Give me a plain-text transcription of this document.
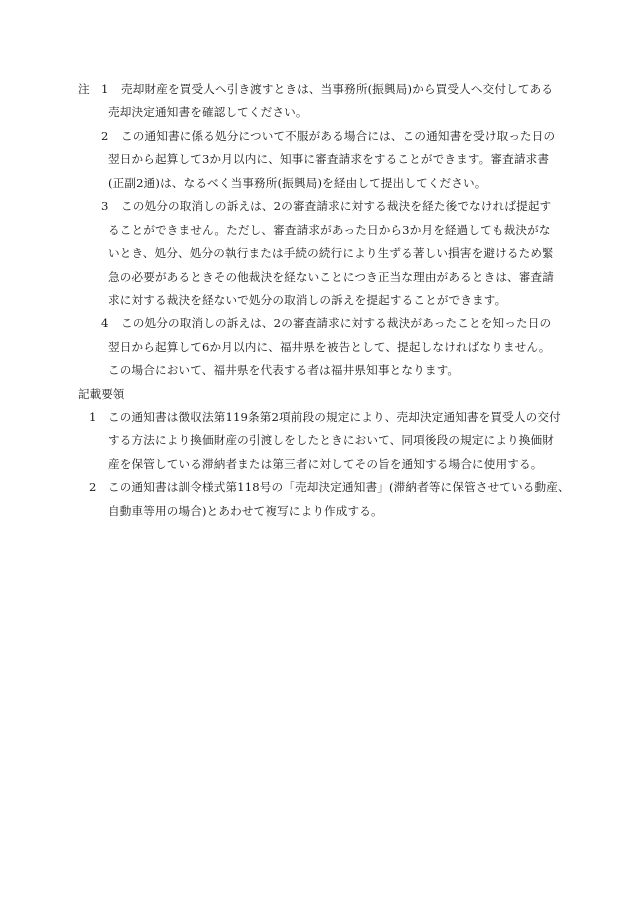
注 1 売却財産を買受人へ引き渡すときは、当事務所(振興局)から買受人へ交付してある
売却決定通知書を確認してください。
2 この通知書に係る処分について不服がある場合には、この通知書を受け取った日の
翌日から起算して3か月以内に、知事に審査請求をすることができます。審査請求書
(正副2通)は、なるべく当事務所(振興局)を経由して提出してください。
3 この処分の取消しの訴えは、2の審査請求に対する裁決を経た後でなければ提起す
ることができません。ただし、審査請求があった日から3か月を経過しても裁決がな
いとき、処分、処分の執行または手続の続行により生ずる著しい損害を避けるため緊
急の必要があるときその他裁決を経ないことにつき正当な理由があるときは、審査請
求に対する裁決を経ないで処分の取消しの訴えを提起することができます。
4 この処分の取消しの訴えは、2の審査請求に対する裁決があったことを知った日の
翌日から起算して6か月以内に、福井県を被告として、提起しなければなりません。
この場合において、福井県を代表する者は福井県知事となります。
記載要領
1 この通知書は徴収法第119条第2項前段の規定により、売却決定通知書を買受人の交付
する方法により換価財産の引渡しをしたときにおいて、同項後段の規定により換価財
産を保管している滞納者または第三者に対してその旨を通知する場合に使用する。
2 この通知書は訓令様式第118号の「売却決定通知書」(滞納者等に保管させている動産、
自動車等用の場合)とあわせて複写により作成する。
